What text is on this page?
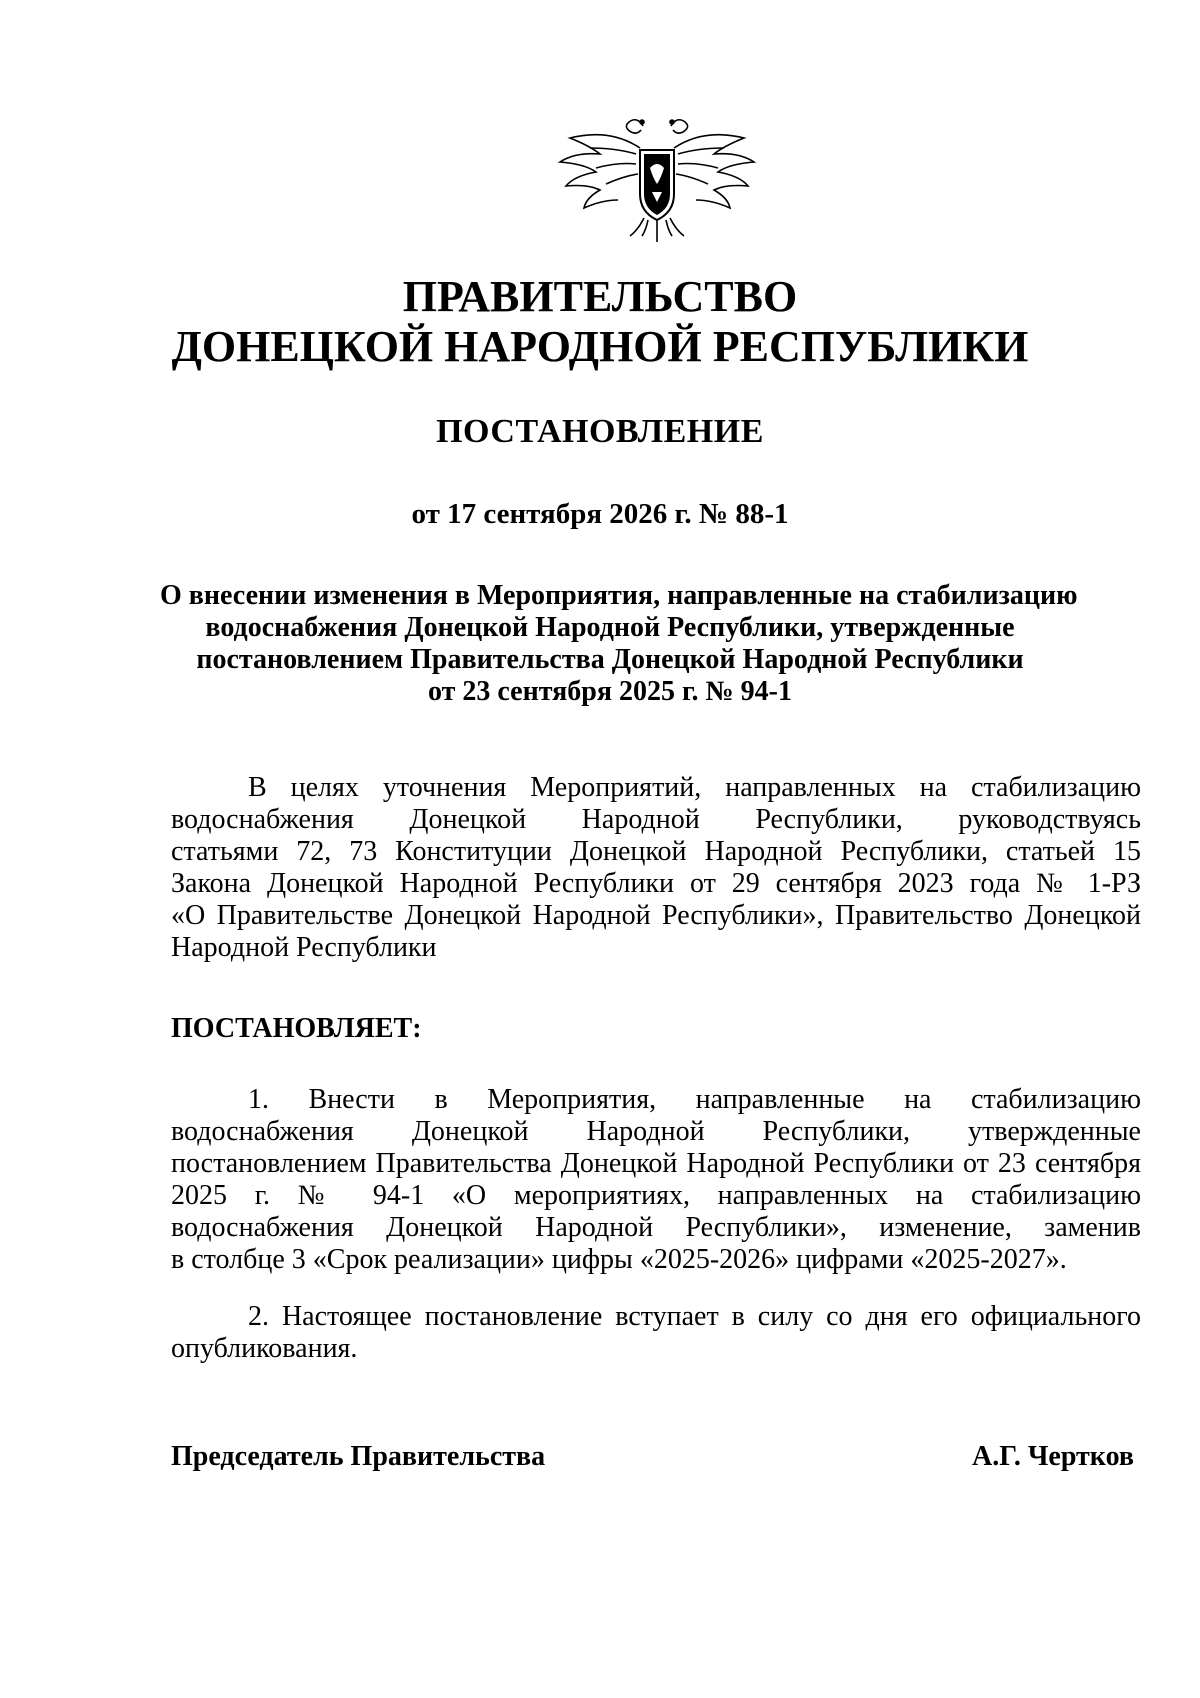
ПРАВИТЕЛЬСТВО
ДОНЕЦКОЙ НАРОДНОЙ РЕСПУБЛИКИ
ПОСТАНОВЛЕНИЕ
от 17 сентября 2026 г. № 88-1
О внесении изменения в Мероприятия, направленные на стабилизацию
водоснабжения Донецкой Народной Республики, утвержденные
постановлением Правительства Донецкой Народной Республики
от 23 сентября 2025 г. № 94-1
В целях уточнения Мероприятий, направленных на стабилизацию
водоснабжения Донецкой Народной Республики, руководствуясь
статьями 72, 73 Конституции Донецкой Народной Республики, статьей 15
Закона Донецкой Народной Республики от 29 сентября 2023 года № 1-РЗ
«О Правительстве Донецкой Народной Республики», Правительство Донецкой
Народной Республики
ПОСТАНОВЛЯЕТ:
1. Внести в Мероприятия, направленные на стабилизацию
водоснабжения Донецкой Народной Республики, утвержденные
постановлением Правительства Донецкой Народной Республики от 23 сентября
2025 г. № 94-1 «О мероприятиях, направленных на стабилизацию
водоснабжения Донецкой Народной Республики», изменение, заменив
в столбце 3 «Срок реализации» цифры «2025-2026» цифрами «2025-2027».
2. Настоящее постановление вступает в силу со дня его официального
опубликования.
Председатель Правительства	А.Г. Чертков
